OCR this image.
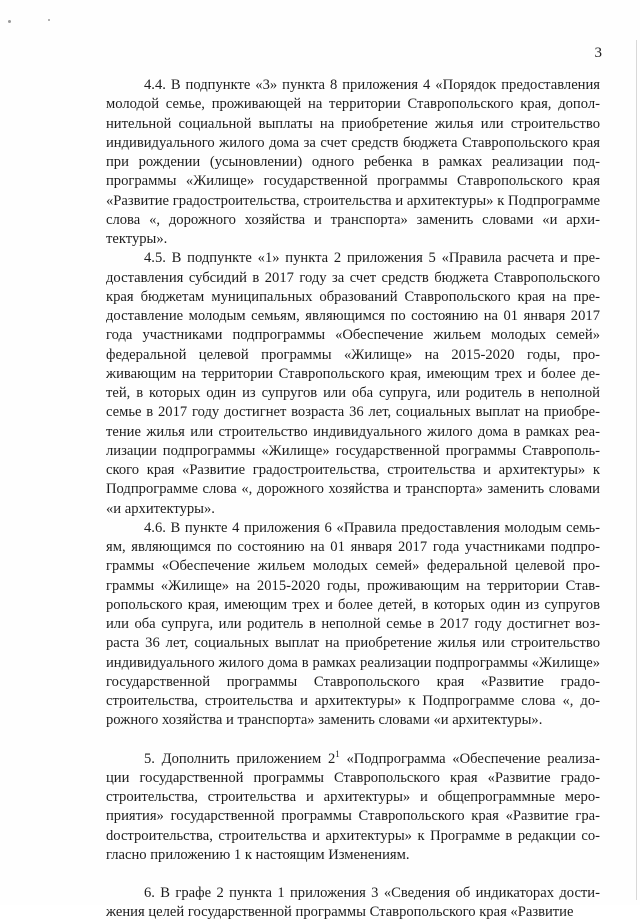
3

4.4. В подпункте «3» пункта 8 приложения 4 «Порядок предоставления молодой семье, проживающей на территории Ставропольского края, дополнительной социальной выплаты на приобретение жилья или строительство индивидуального жилого дома за счет средств бюджета Ставропольского края при рождении (усыновлении) одного ребенка в рамках реализации подпрограммы «Жилище» государственной программы Ставропольского края «Развитие градостроительства, строительства и архитектуры» к Подпрограмме слова «, дорожного хозяйства и транспорта» заменить словами «и архитектуры».

4.5. В подпункте «1» пункта 2 приложения 5 «Правила расчета и предоставления субсидий в 2017 году за счет средств бюджета Ставропольского края бюджетам муниципальных образований Ставропольского края на предоставление молодым семьям, являющимся по состоянию на 01 января 2017 года участниками подпрограммы «Обеспечение жильем молодых семей» федеральной целевой программы «Жилище» на 2015-2020 годы, проживающим на территории Ставропольского края, имеющим трех и более детей, в которых один из супругов или оба супруга, или родитель в неполной семье в 2017 году достигнет возраста 36 лет, социальных выплат на приобретение жилья или строительство индивидуального жилого дома в рамках реализации подпрограммы «Жилище» государственной программы Ставропольского края «Развитие градостроительства, строительства и архитектуры» к Подпрограмме слова «, дорожного хозяйства и транспорта» заменить словами «и архитектуры».

4.6. В пункте 4 приложения 6 «Правила предоставления молодым семьям, являющимся по состоянию на 01 января 2017 года участниками подпрограммы «Обеспечение жильем молодых семей» федеральной целевой программы «Жилище» на 2015-2020 годы, проживающим на территории Ставропольского края, имеющим трех и более детей, в которых один из супругов или оба супруга, или родитель в неполной семье в 2017 году достигнет возраста 36 лет, социальных выплат на приобретение жилья или строительство индивидуального жилого дома в рамках реализации подпрограммы «Жилище» государственной программы Ставропольского края «Развитие градостроительства, строительства и архитектуры» к Подпрограмме слова «, дорожного хозяйства и транспорта» заменить словами «и архитектуры».

5. Дополнить приложением $2^1$ «Подпрограмма «Обеспечение реализации государственной программы Ставропольского края «Развитие градостроительства, строительства и архитектуры» и общепрограммные мероприятия» государственной программы Ставропольского края «Развитие граdостроительства, строительства и архитектуры» к Программе в редакции согласно приложению 1 к настоящим Изменениям.

6. В графе 2 пункта 1 приложения 3 «Сведения об индикаторах достижения целей государственной программы Ставропольского края «Развитие
